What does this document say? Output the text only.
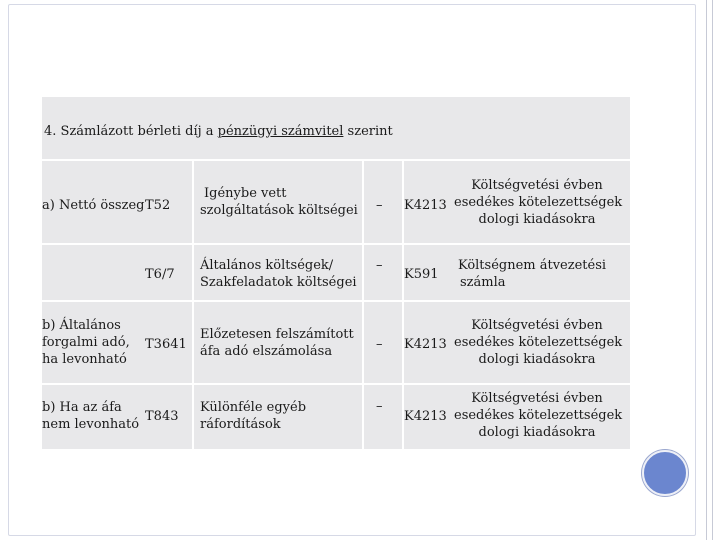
4. Számlázott bérleti díj a pénzügyi számvitel szerint
a) Nettó összeg T52
Igénybe vett
szolgáltatások költségei – K4213
Költségvetési évben
esedékes kötelezettségek
dologi kiadásokra
T6/7
Általános költségek/
Szakfeladatok költségei
–
K591
Költségnem átvezetési
számla
b) Általános
forgalmi adó,
ha levonható
T3641
Előzetesen felszámított
áfa adó elszámolása	– K4213
Költségvetési évben
esedékes kötelezettségek
dologi kiadásokra
b) Ha az áfa
nem levonható
T843
Különféle egyéb
ráfordítások
–
K4213
Költségvetési évben
esedékes kötelezettségek
dologi kiadásokra
